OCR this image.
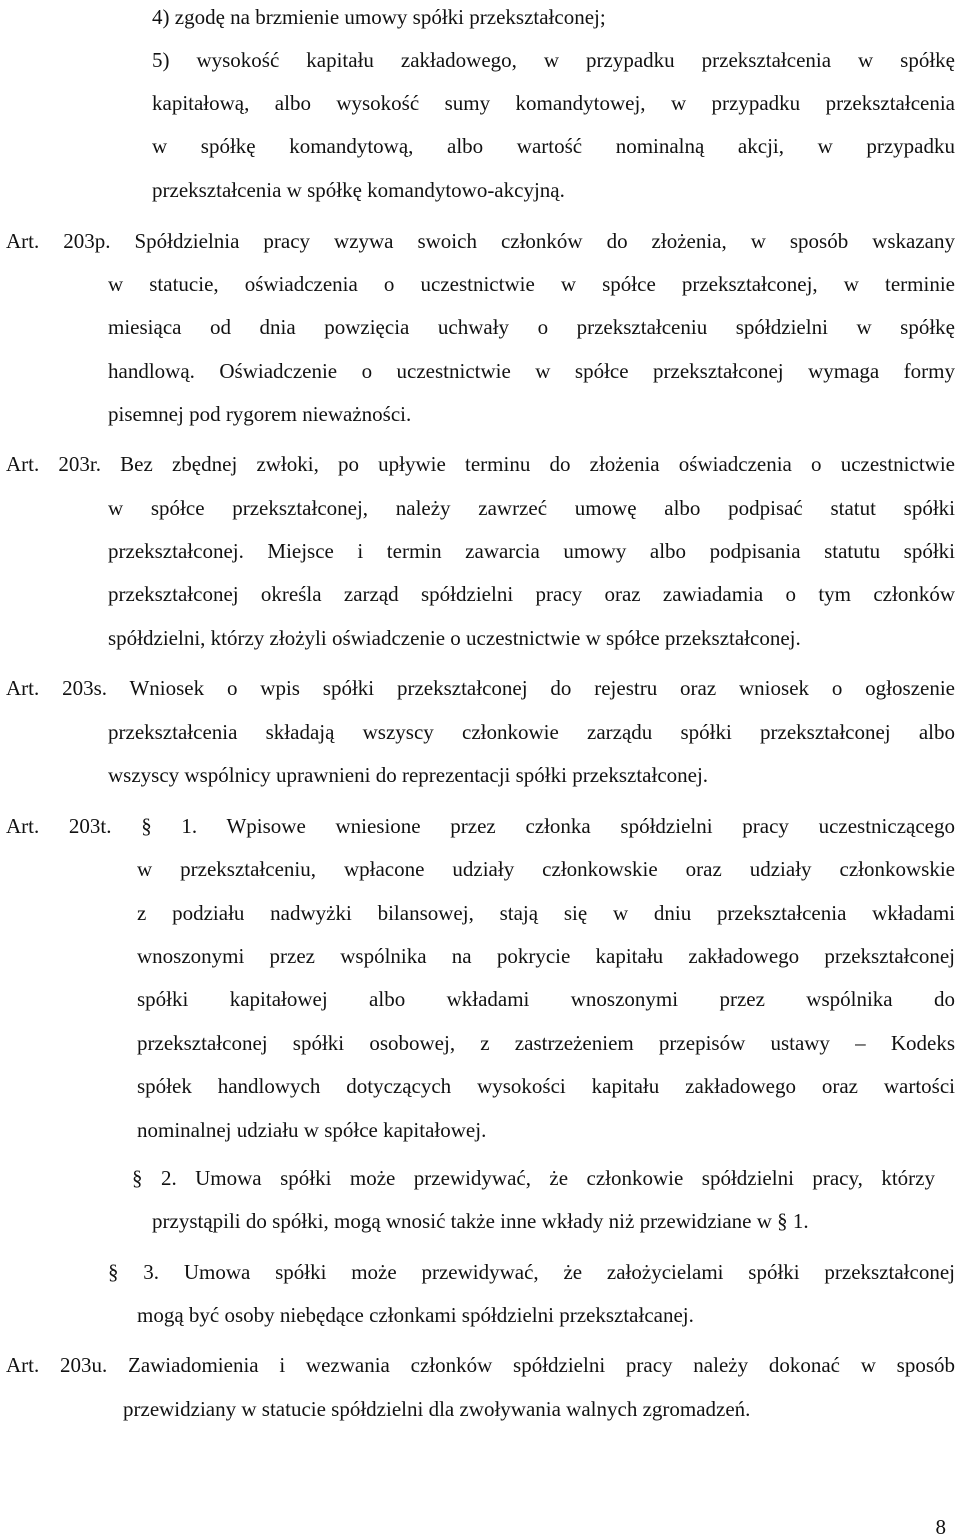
4) zgodę na brzmienie umowy spółki przekształconej;
5) wysokość kapitału zakładowego, w przypadku przekształcenia w spółkę
kapitałową, albo wysokość sumy komandytowej, w przypadku przekształcenia
w spółkę komandytową, albo wartość nominalną akcji, w przypadku
przekształcenia w spółkę komandytowo-akcyjną.
Art. 203p. Spółdzielnia pracy wzywa swoich członków do złożenia, w sposób wskazany
w statucie, oświadczenia o uczestnictwie w spółce przekształconej, w terminie
miesiąca od dnia powzięcia uchwały o przekształceniu spółdzielni w spółkę
handlową. Oświadczenie o uczestnictwie w spółce przekształconej wymaga formy
pisemnej pod rygorem nieważności.
Art. 203r. Bez zbędnej zwłoki, po upływie terminu do złożenia oświadczenia o uczestnictwie
w spółce przekształconej, należy zawrzeć umowę albo podpisać statut spółki
przekształconej. Miejsce i termin zawarcia umowy albo podpisania statutu spółki
przekształconej określa zarząd spółdzielni pracy oraz zawiadamia o tym członków
spółdzielni, którzy złożyli oświadczenie o uczestnictwie w spółce przekształconej.
Art. 203s. Wniosek o wpis spółki przekształconej do rejestru oraz wniosek o ogłoszenie
przekształcenia składają wszyscy członkowie zarządu spółki przekształconej albo
wszyscy wspólnicy uprawnieni do reprezentacji spółki przekształconej.
Art. 203t. § 1. Wpisowe wniesione przez członka spółdzielni pracy uczestniczącego
w przekształceniu, wpłacone udziały członkowskie oraz udziały członkowskie
z podziału nadwyżki bilansowej, stają się w dniu przekształcenia wkładami
wnoszonymi przez wspólnika na pokrycie kapitału zakładowego przekształconej
spółki kapitałowej albo wkładami wnoszonymi przez wspólnika do
przekształconej spółki osobowej, z zastrzeżeniem przepisów ustawy – Kodeks
spółek handlowych dotyczących wysokości kapitału zakładowego oraz wartości
nominalnej udziału w spółce kapitałowej.
§ 2. Umowa spółki może przewidywać, że członkowie spółdzielni pracy, którzy
przystąpili do spółki, mogą wnosić także inne wkłady niż przewidziane w § 1.
§ 3. Umowa spółki może przewidywać, że założycielami spółki przekształconej
mogą być osoby niebędące członkami spółdzielni przekształcanej.
Art. 203u. Zawiadomienia i wezwania członków spółdzielni pracy należy dokonać w sposób
przewidziany w statucie spółdzielni dla zwoływania walnych zgromadzeń.
8
